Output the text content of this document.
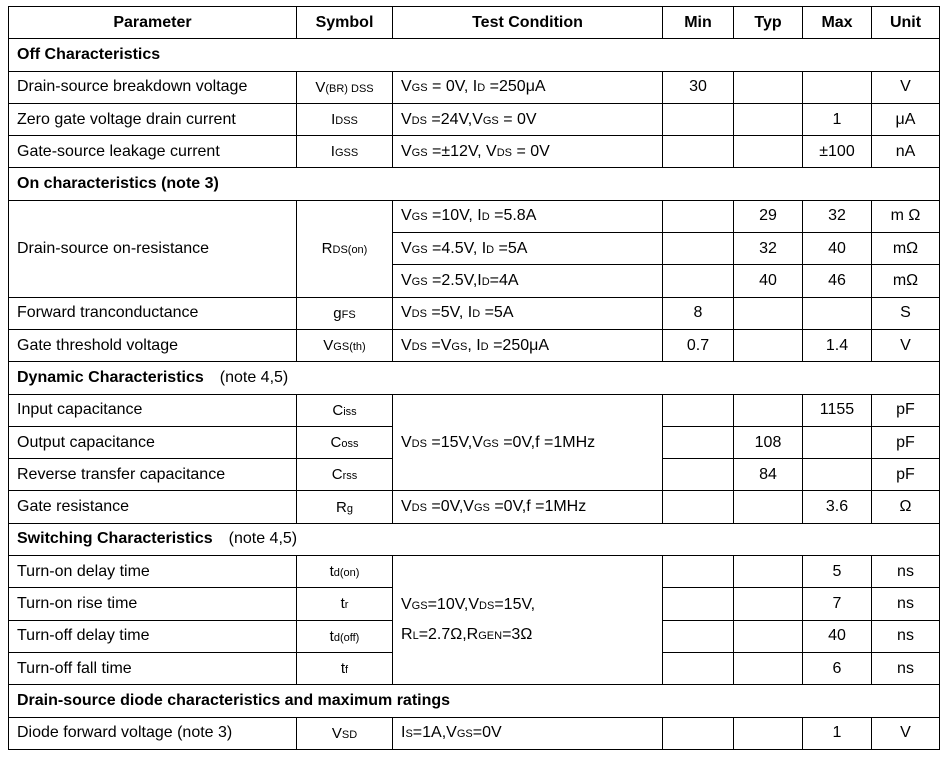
Parameter	Symbol	Test Condition	Min	Typ	Max	Unit
Off Characteristics						
Drain-source breakdown voltage	V(BR) DSS	VGS = 0V, ID =250μA	30			V
Zero gate voltage drain current	IDSS	VDS =24V,VGS = 0V			1	μA
Gate-source leakage current	IGSS	VGS =±12V, VDS = 0V			±100	nA
On characteristics (note 3)						
Drain-source on-resistance	RDS(on)	VGS =10V, ID =5.8A		29	32	m Ω
		VGS =4.5V, ID =5A		32	40	mΩ
		VGS =2.5V,ID=4A		40	46	mΩ
Forward tranconductance	gFS	VDS =5V, ID =5A	8			S
Gate threshold voltage	VGS(th)	VDS =VGS, ID =250μA	0.7		1.4	V
Dynamic Characteristics (note 4,5)						
Input capacitance	Ciss	VDS =15V,VGS =0V,f =1MHz			1155	pF
Output capacitance	Coss			108		pF
Reverse transfer capacitance	Crss			84		pF
Gate resistance	Rg	VDS =0V,VGS =0V,f =1MHz			3.6	Ω
Switching Characteristics (note 4,5)						
Turn-on delay time	td(on)	VGS=10V,VDS=15V,
RL=2.7Ω,RGEN=3Ω			5	ns
Turn-on rise time	tr				7	ns
Turn-off delay time	td(off)				40	ns
Turn-off fall time	tf				6	ns
Drain-source diode characteristics and maximum ratings						
Diode forward voltage (note 3)	VSD	IS=1A,VGS=0V			1	V
